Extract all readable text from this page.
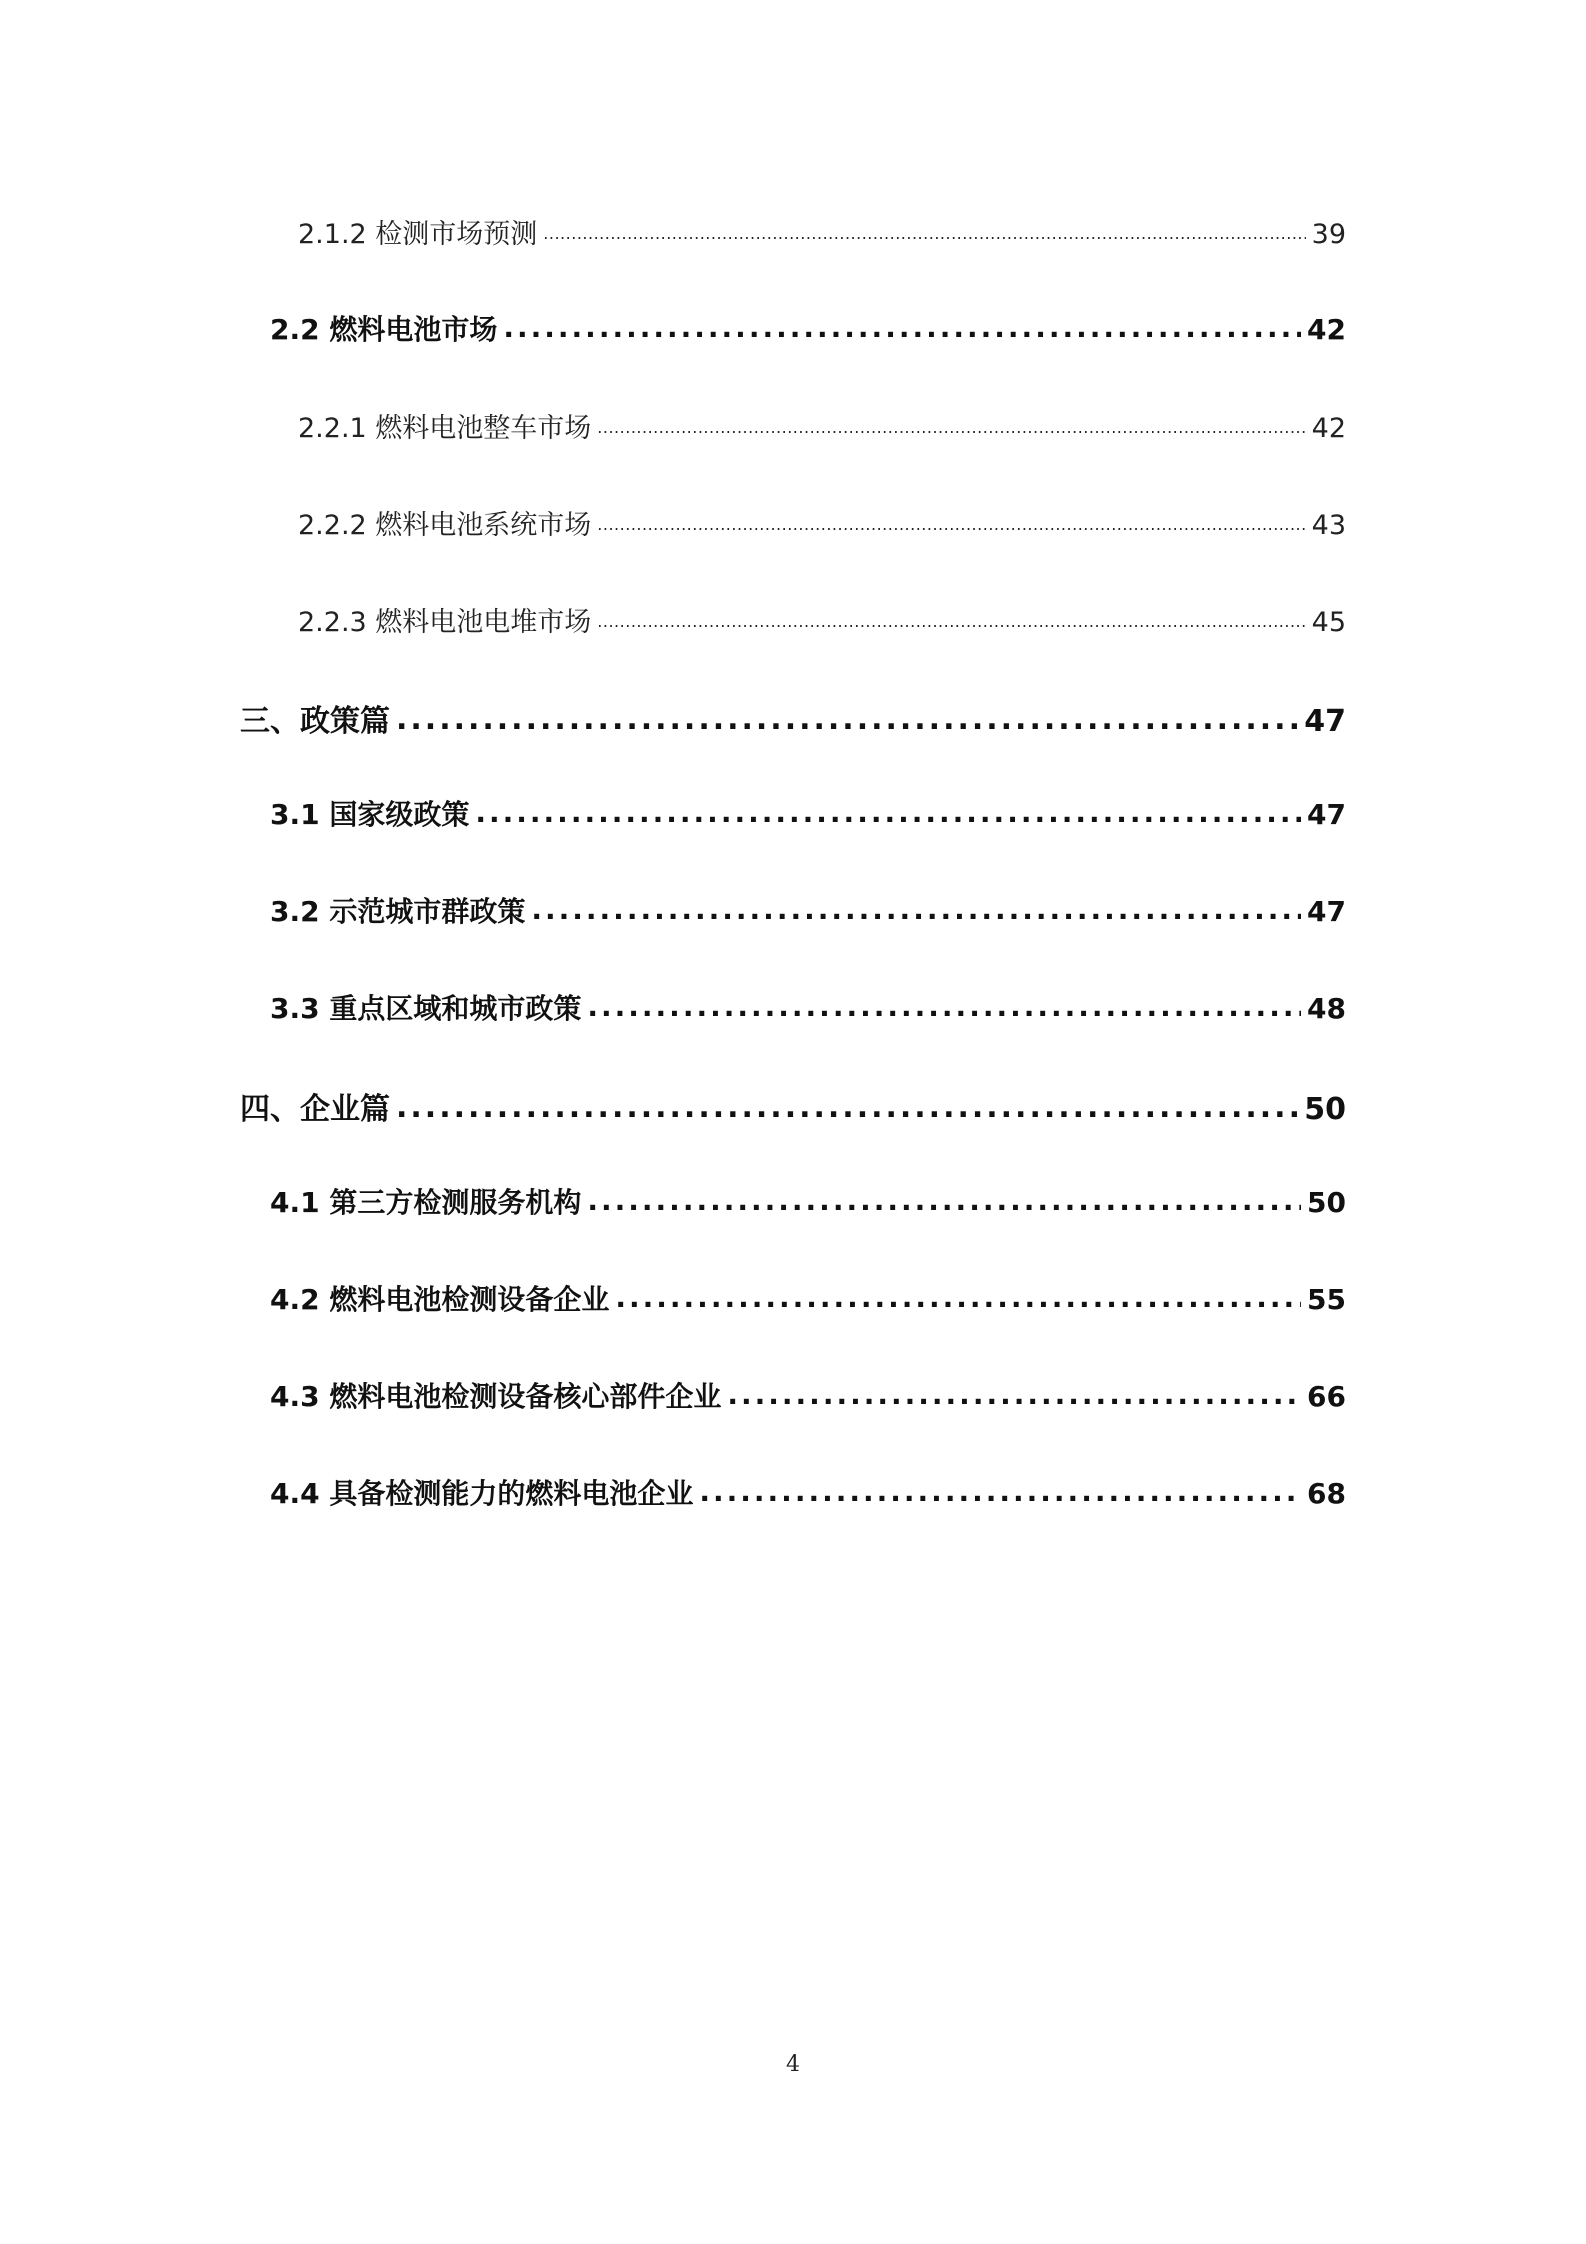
2.1.2 检测市场预测 .....	39
2.2 燃料电池市场 .....	42
2.2.1 燃料电池整车市场 .....	42
2.2.2 燃料电池系统市场 .....	43
2.2.3 燃料电池电堆市场 .....	45
三、政策篇 .....	47
3.1 国家级政策 .....	47
3.2 示范城市群政策 .....	47
3.3 重点区域和城市政策 .....	48
四、企业篇 .....	50
4.1 第三方检测服务机构 .....	50
4.2 燃料电池检测设备企业 .....	55
4.3 燃料电池检测设备核心部件企业 .....	66
4.4 具备检测能力的燃料电池企业 .....	68
4
